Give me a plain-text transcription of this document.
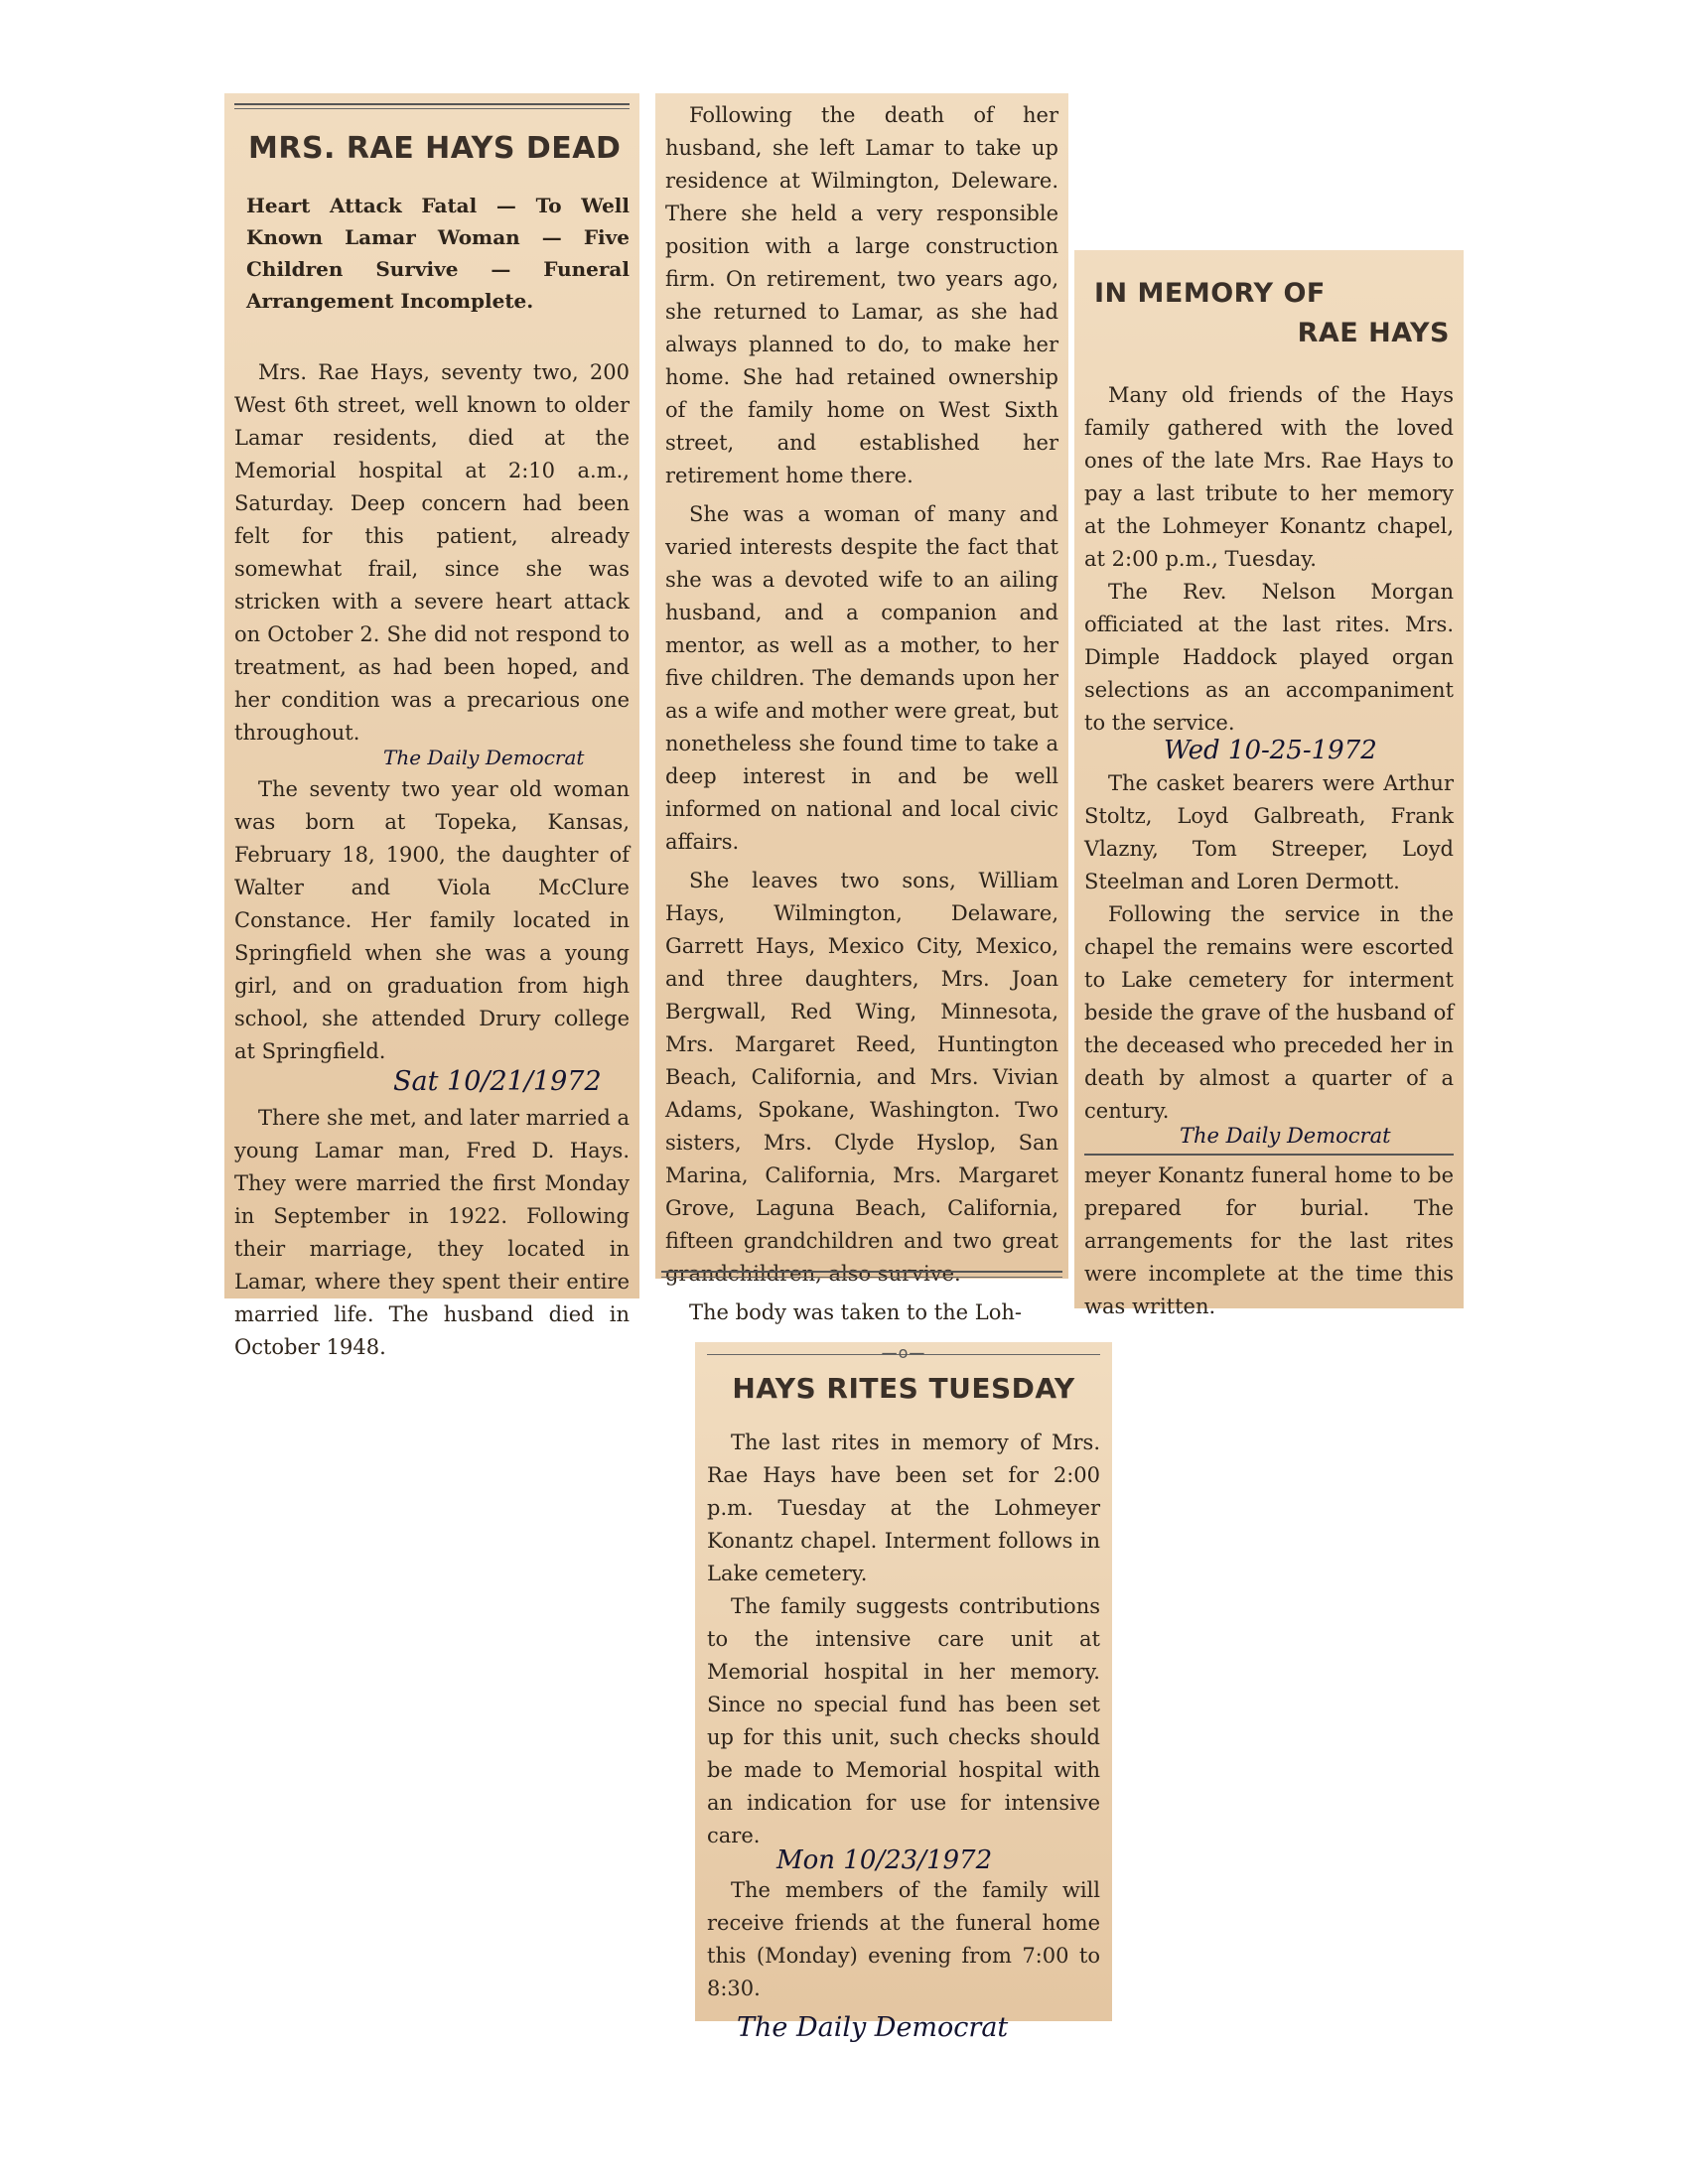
MRS. RAE HAYS DEAD
Heart Attack Fatal — To Well Known Lamar Woman — Five Children Survive — Funeral Arrangement Incomplete.

Mrs. Rae Hays, seventy two, 200 West 6th street, well known to older Lamar residents, died at the Memorial hospital at 2:10 a.m., Saturday. Deep concern had been felt for this patient, already somewhat frail, since she was stricken with a severe heart attack on October 2. She did not respond to treatment, as had been hoped, and her condition was a precarious one throughout.

The Daily Democrat

The seventy two year old woman was born at Topeka, Kansas, February 18, 1900, the daughter of Walter and Viola McClure Constance. Her family located in Springfield when she was a young girl, and on graduation from high school, she attended Drury college at Springfield.

Sat 10/21/1972

There she met, and later married a young Lamar man, Fred D. Hays. They were married the first Monday in September in 1922. Following their marriage, they located in Lamar, where they spent their entire married life. The husband died in October 1948.

Following the death of her husband, she left Lamar to take up residence at Wilmington, Deleware. There she held a very responsible position with a large construction firm. On retirement, two years ago, she returned to Lamar, as she had always planned to do, to make her home. She had retained ownership of the family home on West Sixth street, and established her retirement home there.

She was a woman of many and varied interests despite the fact that she was a devoted wife to an ailing husband, and a companion and mentor, as well as a mother, to her five children. The demands upon her as a wife and mother were great, but nonetheless she found time to take a deep interest in and be well informed on national and local civic affairs.

She leaves two sons, William Hays, Wilmington, Delaware, Garrett Hays, Mexico City, Mexico, and three daughters, Mrs. Joan Bergwall, Red Wing, Minnesota, Mrs. Margaret Reed, Huntington Beach, California, and Mrs. Vivian Adams, Spokane, Washington. Two sisters, Mrs. Clyde Hyslop, San Marina, California, Mrs. Margaret Grove, Laguna Beach, California, fifteen grandchildren and two great grandchildren, also survive.

The body was taken to the Loh-

IN MEMORY OF
RAE HAYS

Many old friends of the Hays family gathered with the loved ones of the late Mrs. Rae Hays to pay a last tribute to her memory at the Lohmeyer Konantz chapel, at 2:00 p.m., Tuesday.

The Rev. Nelson Morgan officiated at the last rites. Mrs. Dimple Haddock played organ selections as an accompaniment to the service.

Wed 10-25-1972

The casket bearers were Arthur Stoltz, Loyd Galbreath, Frank Vlazny, Tom Streeper, Loyd Steelman and Loren Dermott.

Following the service in the chapel the remains were escorted to Lake cemetery for interment beside the grave of the husband of the deceased who preceded her in death by almost a quarter of a century.

The Daily Democrat

meyer Konantz funeral home to be prepared for burial. The arrangements for the last rites were incomplete at the time this was written.

—o—
HAYS RITES TUESDAY

The last rites in memory of Mrs. Rae Hays have been set for 2:00 p.m. Tuesday at the Lohmeyer Konantz chapel. Interment follows in Lake cemetery.

The family suggests contributions to the intensive care unit at Memorial hospital in her memory. Since no special fund has been set up for this unit, such checks should be made to Memorial hospital with an indication for use for intensive care.

Mon 10/23/1972

The members of the family will receive friends at the funeral home this (Monday) evening from 7:00 to 8:30.

The Daily Democrat
